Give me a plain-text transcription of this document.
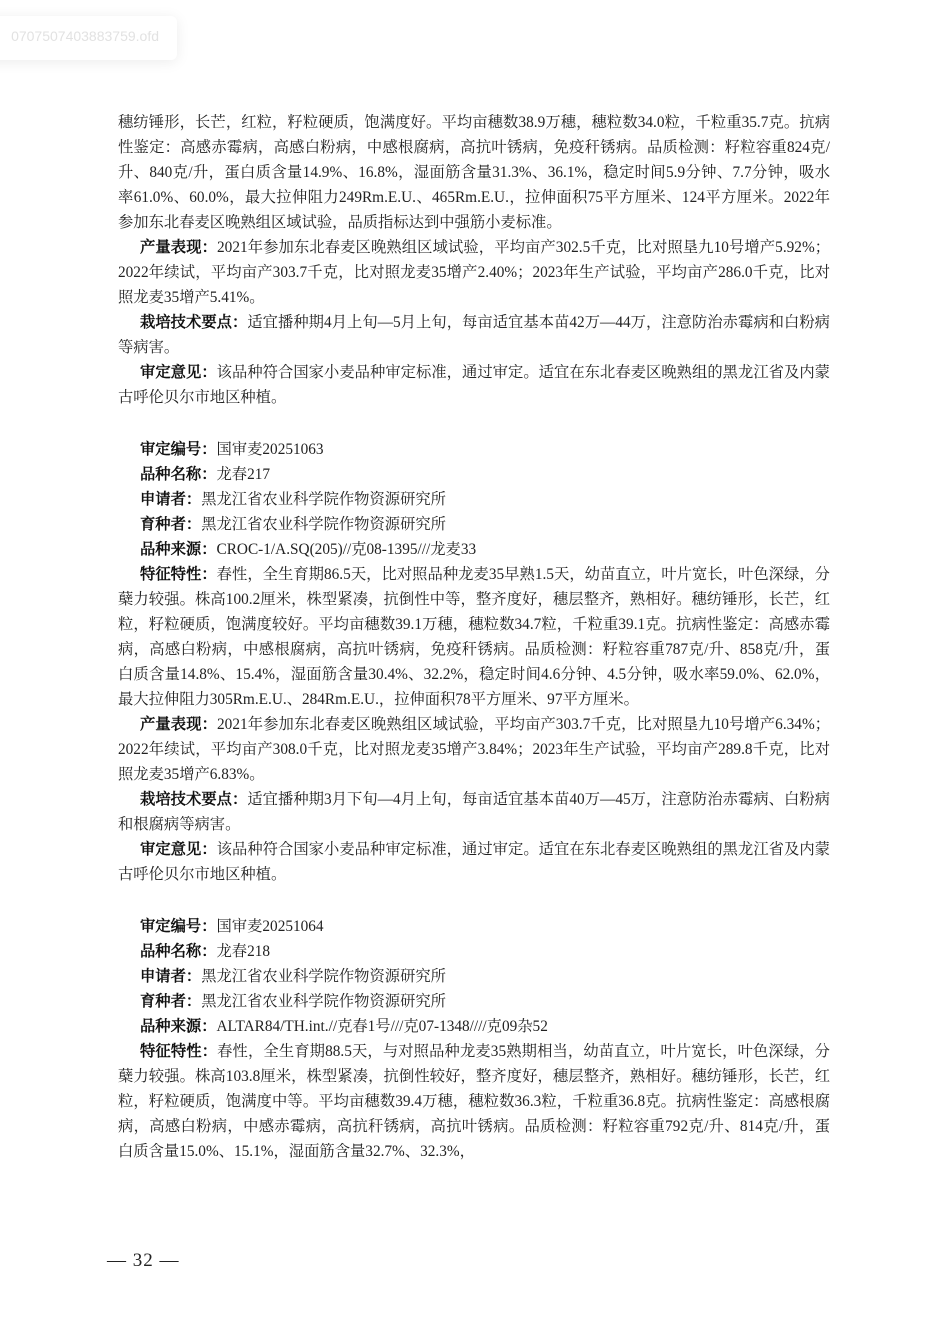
0707507403883759.ofd

穗纺锤形，长芒，红粒，籽粒硬质，饱满度好。平均亩穗数38.9万穗，穗粒数34.0粒，千粒重35.7克。抗病性鉴定：高感赤霉病，高感白粉病，中感根腐病，高抗叶锈病，免疫秆锈病。品质检测：籽粒容重824克/升、840克/升，蛋白质含量14.9%、16.8%，湿面筋含量31.3%、36.1%，稳定时间5.9分钟、7.7分钟，吸水率61.0%、60.0%，最大拉伸阻力249Rm.E.U.、465Rm.E.U.，拉伸面积75平方厘米、124平方厘米。2022年参加东北春麦区晚熟组区域试验，品质指标达到中强筋小麦标准。

产量表现：2021年参加东北春麦区晚熟组区域试验，平均亩产302.5千克，比对照垦九10号增产5.92%；2022年续试，平均亩产303.7千克，比对照龙麦35增产2.40%；2023年生产试验，平均亩产286.0千克，比对照龙麦35增产5.41%。

栽培技术要点：适宜播种期4月上旬—5月上旬，每亩适宜基本苗42万—44万，注意防治赤霉病和白粉病等病害。

审定意见：该品种符合国家小麦品种审定标准，通过审定。适宜在东北春麦区晚熟组的黑龙江省及内蒙古呼伦贝尔市地区种植。

审定编号：国审麦20251063

品种名称：龙春217

申请者：黑龙江省农业科学院作物资源研究所

育种者：黑龙江省农业科学院作物资源研究所

品种来源：CROC-1/A.SQ(205)//克08-1395///龙麦33

特征特性：春性，全生育期86.5天，比对照品种龙麦35早熟1.5天，幼苗直立，叶片宽长，叶色深绿，分蘖力较强。株高100.2厘米，株型紧凑，抗倒性中等，整齐度好，穗层整齐，熟相好。穗纺锤形，长芒，红粒，籽粒硬质，饱满度较好。平均亩穗数39.1万穗，穗粒数34.7粒，千粒重39.1克。抗病性鉴定：高感赤霉病，高感白粉病，中感根腐病，高抗叶锈病，免疫秆锈病。品质检测：籽粒容重787克/升、858克/升，蛋白质含量14.8%、15.4%，湿面筋含量30.4%、32.2%，稳定时间4.6分钟、4.5分钟，吸水率59.0%、62.0%，最大拉伸阻力305Rm.E.U.、284Rm.E.U.，拉伸面积78平方厘米、97平方厘米。

产量表现：2021年参加东北春麦区晚熟组区域试验，平均亩产303.7千克，比对照垦九10号增产6.34%；2022年续试，平均亩产308.0千克，比对照龙麦35增产3.84%；2023年生产试验，平均亩产289.8千克，比对照龙麦35增产6.83%。

栽培技术要点：适宜播种期3月下旬—4月上旬，每亩适宜基本苗40万—45万，注意防治赤霉病、白粉病和根腐病等病害。

审定意见：该品种符合国家小麦品种审定标准，通过审定。适宜在东北春麦区晚熟组的黑龙江省及内蒙古呼伦贝尔市地区种植。

审定编号：国审麦20251064

品种名称：龙春218

申请者：黑龙江省农业科学院作物资源研究所

育种者：黑龙江省农业科学院作物资源研究所

品种来源：ALTAR84/TH.int.//克春1号///克07-1348////克09杂52

特征特性：春性，全生育期88.5天，与对照品种龙麦35熟期相当，幼苗直立，叶片宽长，叶色深绿，分蘖力较强。株高103.8厘米，株型紧凑，抗倒性较好，整齐度好，穗层整齐，熟相好。穗纺锤形，长芒，红粒，籽粒硬质，饱满度中等。平均亩穗数39.4万穗，穗粒数36.3粒，千粒重36.8克。抗病性鉴定：高感根腐病，高感白粉病，中感赤霉病，高抗秆锈病，高抗叶锈病。品质检测：籽粒容重792克/升、814克/升，蛋白质含量15.0%、15.1%，湿面筋含量32.7%、32.3%，

— 32 —
